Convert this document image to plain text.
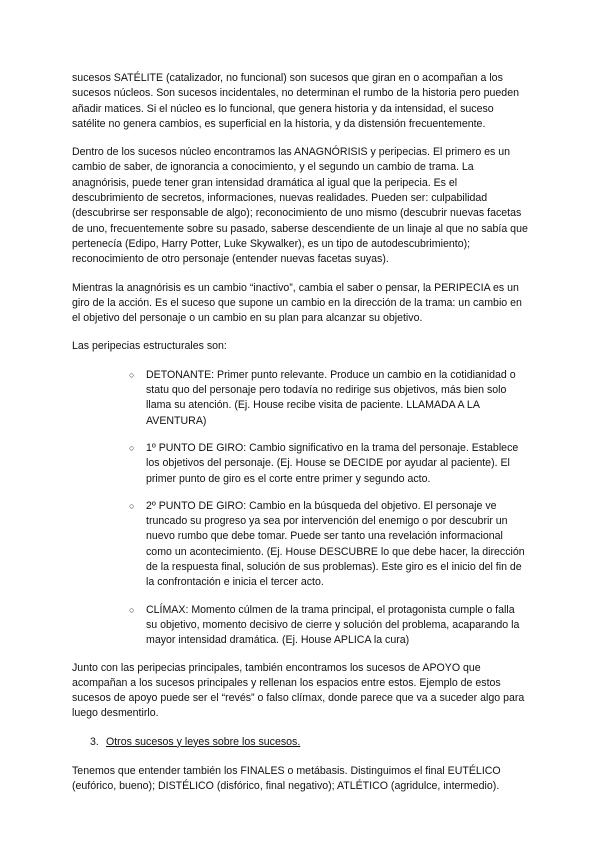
sucesos SATÉLITE (catalizador, no funcional) son sucesos que giran en o acompañan a los sucesos núcleos. Son sucesos incidentales, no determinan el rumbo de la historia pero pueden añadir matices. Si el núcleo es lo funcional, que genera historia y da intensidad, el suceso satélite no genera cambios, es superficial en la historia, y da distensión frecuentemente.

Dentro de los sucesos núcleo encontramos las ANAGNÓRISIS y peripecias. El primero es un cambio de saber, de ignorancia a conocimiento, y el segundo un cambio de trama. La anagnórisis, puede tener gran intensidad dramática al igual que la peripecia. Es el descubrimiento de secretos, informaciones, nuevas realidades. Pueden ser: culpabilidad (descubrirse ser responsable de algo); reconocimiento de uno mismo (descubrir nuevas facetas de uno, frecuentemente sobre su pasado, saberse descendiente de un linaje al que no sabía que pertenecía (Edipo, Harry Potter, Luke Skywalker), es un tipo de autodescubrimiento); reconocimiento de otro personaje (entender nuevas facetas suyas).

Mientras la anagnórisis es un cambio “inactivo”, cambia el saber o pensar, la PERIPECIA es un giro de la acción. Es el suceso que supone un cambio en la dirección de la trama: un cambio en el objetivo del personaje o un cambio en su plan para alcanzar su objetivo.

Las peripecias estructurales son:

○ DETONANTE: Primer punto relevante. Produce un cambio en la cotidianidad o statu quo del personaje pero todavía no redirige sus objetivos, más bien solo llama su atención. (Ej. House recibe visita de paciente. LLAMADA A LA AVENTURA)
○ 1º PUNTO DE GIRO: Cambio significativo en la trama del personaje. Establece los objetivos del personaje. (Ej. House se DECIDE por ayudar al paciente). El primer punto de giro es el corte entre primer y segundo acto.
○ 2º PUNTO DE GIRO: Cambio en la búsqueda del objetivo. El personaje ve truncado su progreso ya sea por intervención del enemigo o por descubrir un nuevo rumbo que debe tomar. Puede ser tanto una revelación informacional como un acontecimiento. (Ej. House DESCUBRE lo que debe hacer, la dirección de la respuesta final, solución de sus problemas). Este giro es el inicio del fin de la confrontación e inicia el tercer acto.
○ CLÍMAX: Momento cúlmen de la trama principal, el protagonista cumple o falla su objetivo, momento decisivo de cierre y solución del problema, acaparando la mayor intensidad dramática. (Ej. House APLICA la cura)

Junto con las peripecias principales, también encontramos los sucesos de APOYO que acompañan a los sucesos principales y rellenan los espacios entre estos. Ejemplo de estos sucesos de apoyo puede ser el “revés” o falso clímax, donde parece que va a suceder algo para luego desmentirlo.

3. Otros sucesos y leyes sobre los sucesos.

Tenemos que entender también los FINALES o metábasis. Distinguimos el final EUTÉLICO (eufórico, bueno); DISTÉLICO (disfórico, final negativo); ATLÉTICO (agridulce, intermedio).
